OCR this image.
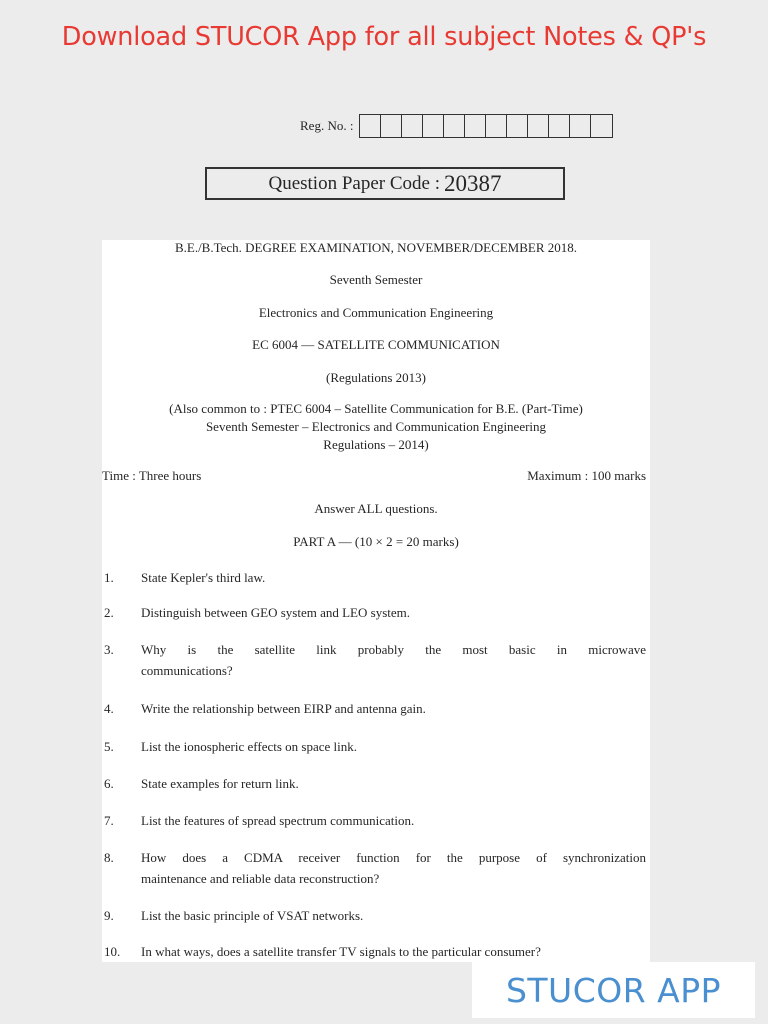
Download STUCOR App for all subject Notes & QP's
Reg. No. :
Question Paper Code : 20387
B.E./B.Tech. DEGREE EXAMINATION, NOVEMBER/DECEMBER 2018.
Seventh Semester
Electronics and Communication Engineering
EC 6004 — SATELLITE COMMUNICATION
(Regulations 2013)
(Also common to : PTEC 6004 – Satellite Communication for B.E. (Part-Time)
Seventh Semester – Electronics and Communication Engineering
Regulations – 2014)
Time : Three hours	Maximum : 100 marks
Answer ALL questions.
PART A — (10 × 2 = 20 marks)
1. State Kepler's third law.
2. Distinguish between GEO system and LEO system.
3. Why is the satellite link probably the most basic in microwave
communications?
4. Write the relationship between EIRP and antenna gain.
5. List the ionospheric effects on space link.
6. State examples for return link.
7. List the features of spread spectrum communication.
8. How does a CDMA receiver function for the purpose of synchronization
maintenance and reliable data reconstruction?
9. List the basic principle of VSAT networks.
10. In what ways, does a satellite transfer TV signals to the particular consumer?
STUCOR APP
